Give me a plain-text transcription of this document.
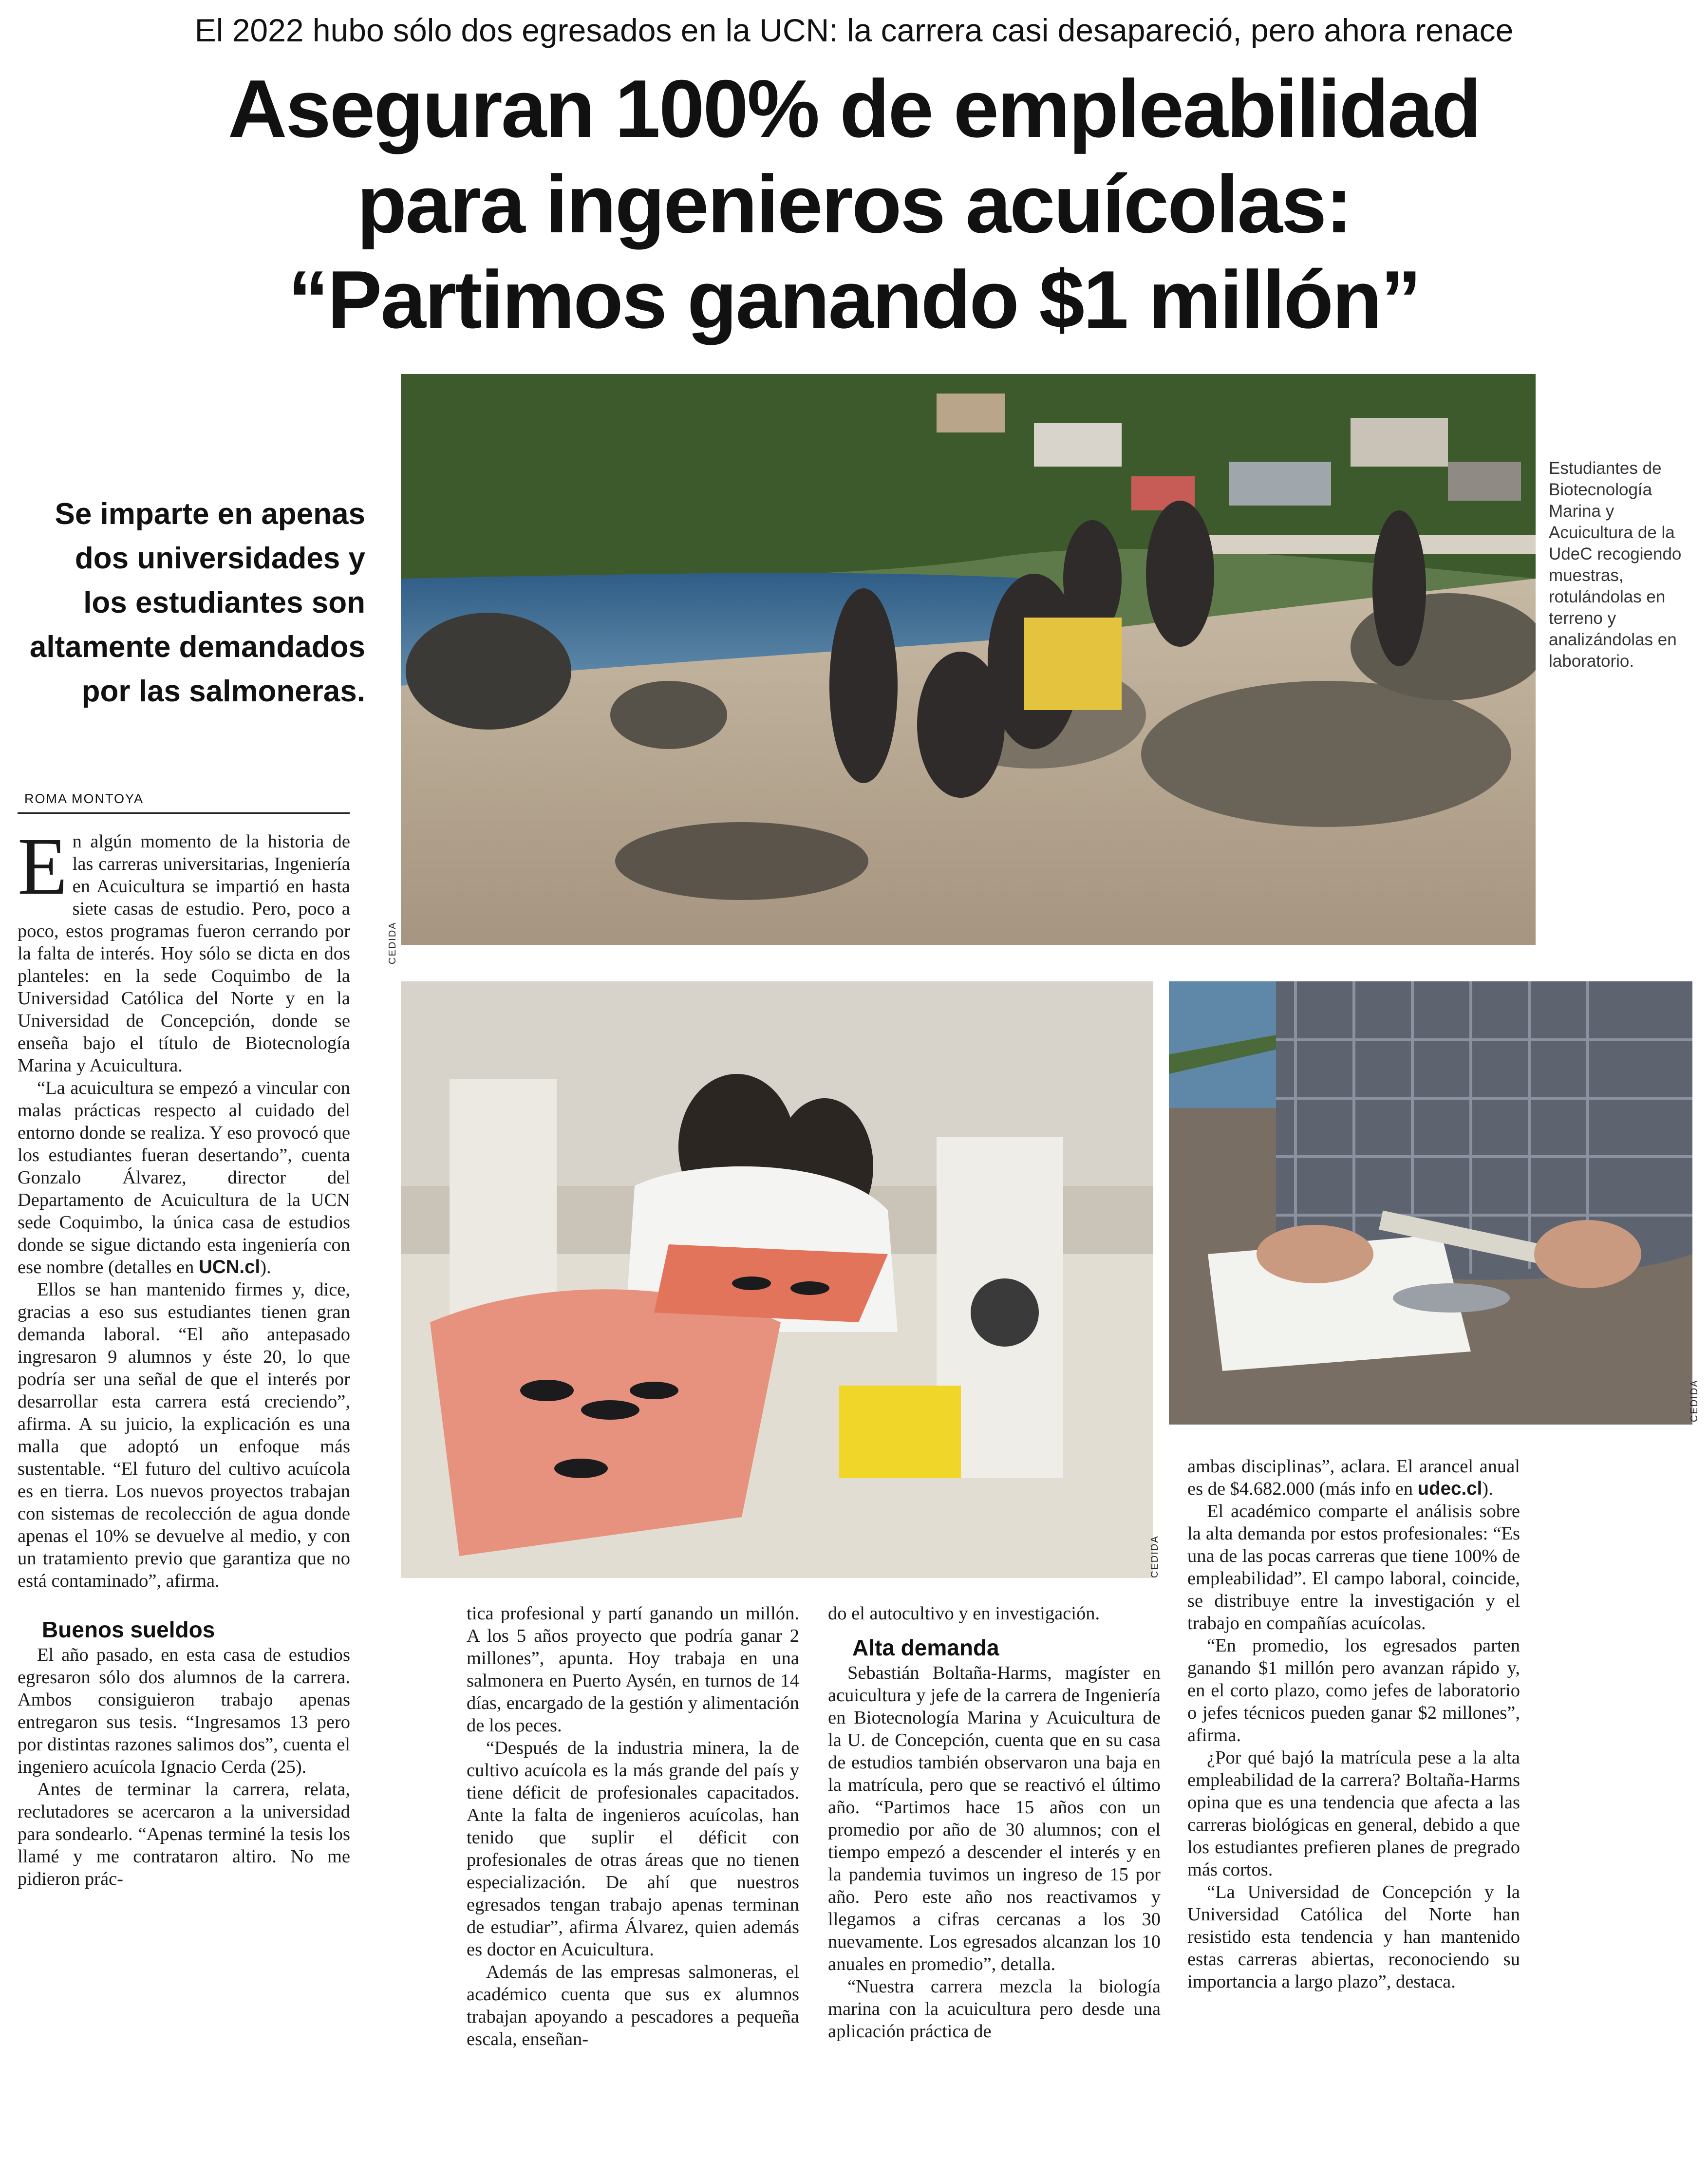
El 2022 hubo sólo dos egresados en la UCN: la carrera casi desapareció, pero ahora renace
Aseguran 100% de empleabilidad
para ingenieros acuícolas:
“Partimos ganando $1 millón”
Se imparte en apenas
dos universidades y
los estudiantes son
altamente demandados
por las salmoneras.
ROMA MONTOYA
CEDIDA
Estudiantes de Biotecnología Marina y Acuicultura de la UdeC recogiendo muestras, rotulándolas en terreno y analizándolas en laboratorio.
CEDIDA
CEDIDA

En algún momento de la historia de las carreras universitarias, Ingeniería en Acuicultura se impartió en hasta siete casas de estudio. Pero, poco a poco, estos programas fueron cerrando por la falta de interés. Hoy sólo se dicta en dos planteles: en la sede Coquimbo de la Universidad Católica del Norte y en la Universidad de Concepción, donde se enseña bajo el título de Biotecnología Marina y Acuicultura.

“La acuicultura se empezó a vincular con malas prácticas respecto al cuidado del entorno donde se realiza. Y eso provocó que los estudiantes fueran desertando”, cuenta Gonzalo Álvarez, director del Departamento de Acuicultura de la UCN sede Coquimbo, la única casa de estudios donde se sigue dictando esta ingeniería con ese nombre (detalles en UCN.cl).

Ellos se han mantenido firmes y, dice, gracias a eso sus estudiantes tienen gran demanda laboral. “El año antepasado ingresaron 9 alumnos y éste 20, lo que podría ser una señal de que el interés por desarrollar esta carrera está creciendo”, afirma. A su juicio, la explicación es una malla que adoptó un enfoque más sustentable. “El futuro del cultivo acuícola es en tierra. Los nuevos proyectos trabajan con sistemas de recolección de agua donde apenas el 10% se devuelve al medio, y con un tratamiento previo que garantiza que no está contaminado”, afirma.

Buenos sueldos

El año pasado, en esta casa de estudios egresaron sólo dos alumnos de la carrera. Ambos consiguieron trabajo apenas entregaron sus tesis. “Ingresamos 13 pero por distintas razones salimos dos”, cuenta el ingeniero acuícola Ignacio Cerda (25).

Antes de terminar la carrera, relata, reclutadores se acercaron a la universidad para sondearlo. “Apenas terminé la tesis los llamé y me contrataron altiro. No me pidieron prác-

tica profesional y partí ganando un millón. A los 5 años proyecto que podría ganar 2 millones”, apunta. Hoy trabaja en una salmonera en Puerto Aysén, en turnos de 14 días, encargado de la gestión y alimentación de los peces.

“Después de la industria minera, la de cultivo acuícola es la más grande del país y tiene déficit de profesionales capacitados. Ante la falta de ingenieros acuícolas, han tenido que suplir el déficit con profesionales de otras áreas que no tienen especialización. De ahí que nuestros egresados tengan trabajo apenas terminan de estudiar”, afirma Álvarez, quien además es doctor en Acuicultura.

Además de las empresas salmoneras, el académico cuenta que sus ex alumnos trabajan apoyando a pescadores a pequeña escala, enseñan-

do el autocultivo y en investigación.

Alta demanda

Sebastián Boltaña-Harms, magíster en acuicultura y jefe de la carrera de Ingeniería en Biotecnología Marina y Acuicultura de la U. de Concepción, cuenta que en su casa de estudios también observaron una baja en la matrícula, pero que se reactivó el último año. “Partimos hace 15 años con un promedio por año de 30 alumnos; con el tiempo empezó a descender el interés y en la pandemia tuvimos un ingreso de 15 por año. Pero este año nos reactivamos y llegamos a cifras cercanas a los 30 nuevamente. Los egresados alcanzan los 10 anuales en promedio”, detalla.

“Nuestra carrera mezcla la biología marina con la acuicultura pero desde una aplicación práctica de

ambas disciplinas”, aclara. El arancel anual es de $4.682.000 (más info en udec.cl).

El académico comparte el análisis sobre la alta demanda por estos profesionales: “Es una de las pocas carreras que tiene 100% de empleabilidad”. El campo laboral, coincide, se distribuye entre la investigación y el trabajo en compañías acuícolas.

“En promedio, los egresados parten ganando $1 millón pero avanzan rápido y, en el corto plazo, como jefes de laboratorio o jefes técnicos pueden ganar $2 millones”, afirma.

¿Por qué bajó la matrícula pese a la alta empleabilidad de la carrera? Boltaña-Harms opina que es una tendencia que afecta a las carreras biológicas en general, debido a que los estudiantes prefieren planes de pregrado más cortos.

“La Universidad de Concepción y la Universidad Católica del Norte han resistido esta tendencia y han mantenido estas carreras abiertas, reconociendo su importancia a largo plazo”, destaca.
